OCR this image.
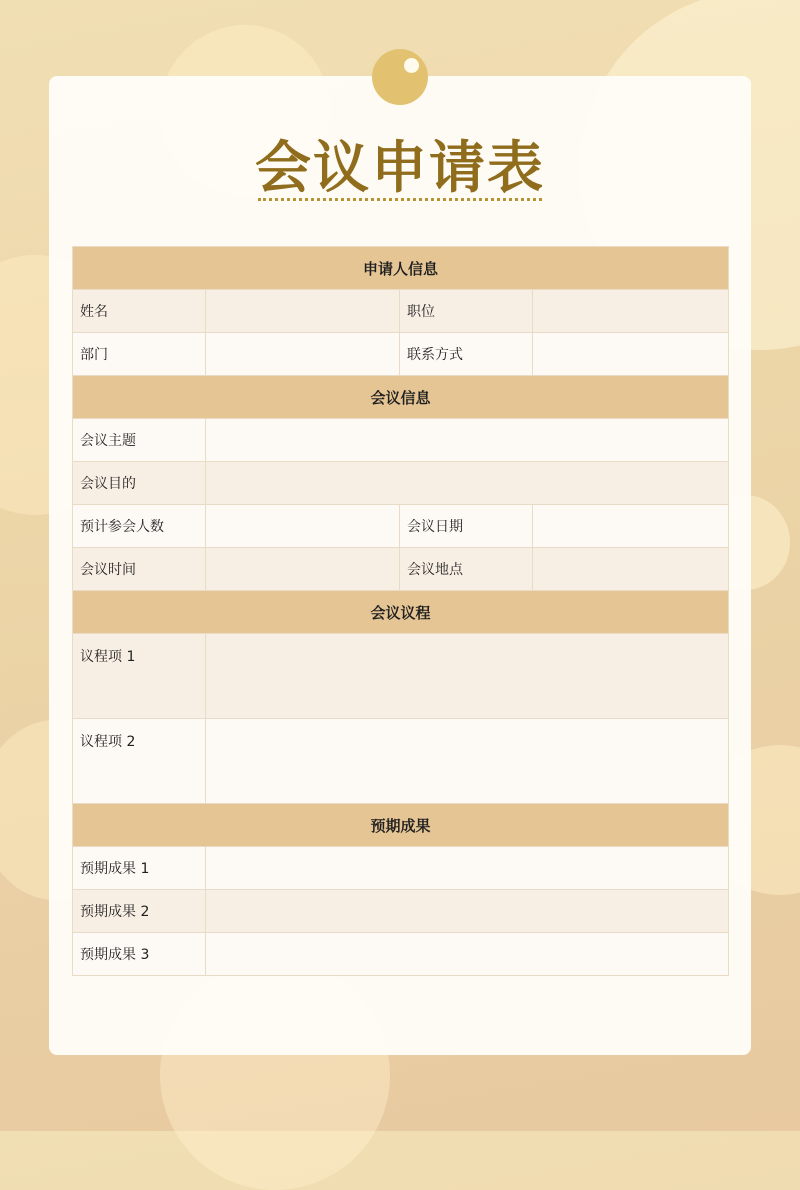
会议申请表
申请人信息			
姓名		职位	
部门		联系方式	
会议信息			
会议主题			
会议目的			
预计参会人数		会议日期	
会议时间		会议地点	
会议议程			
议程项 1			
议程项 2			
预期成果			
预期成果 1			
预期成果 2			
预期成果 3			
